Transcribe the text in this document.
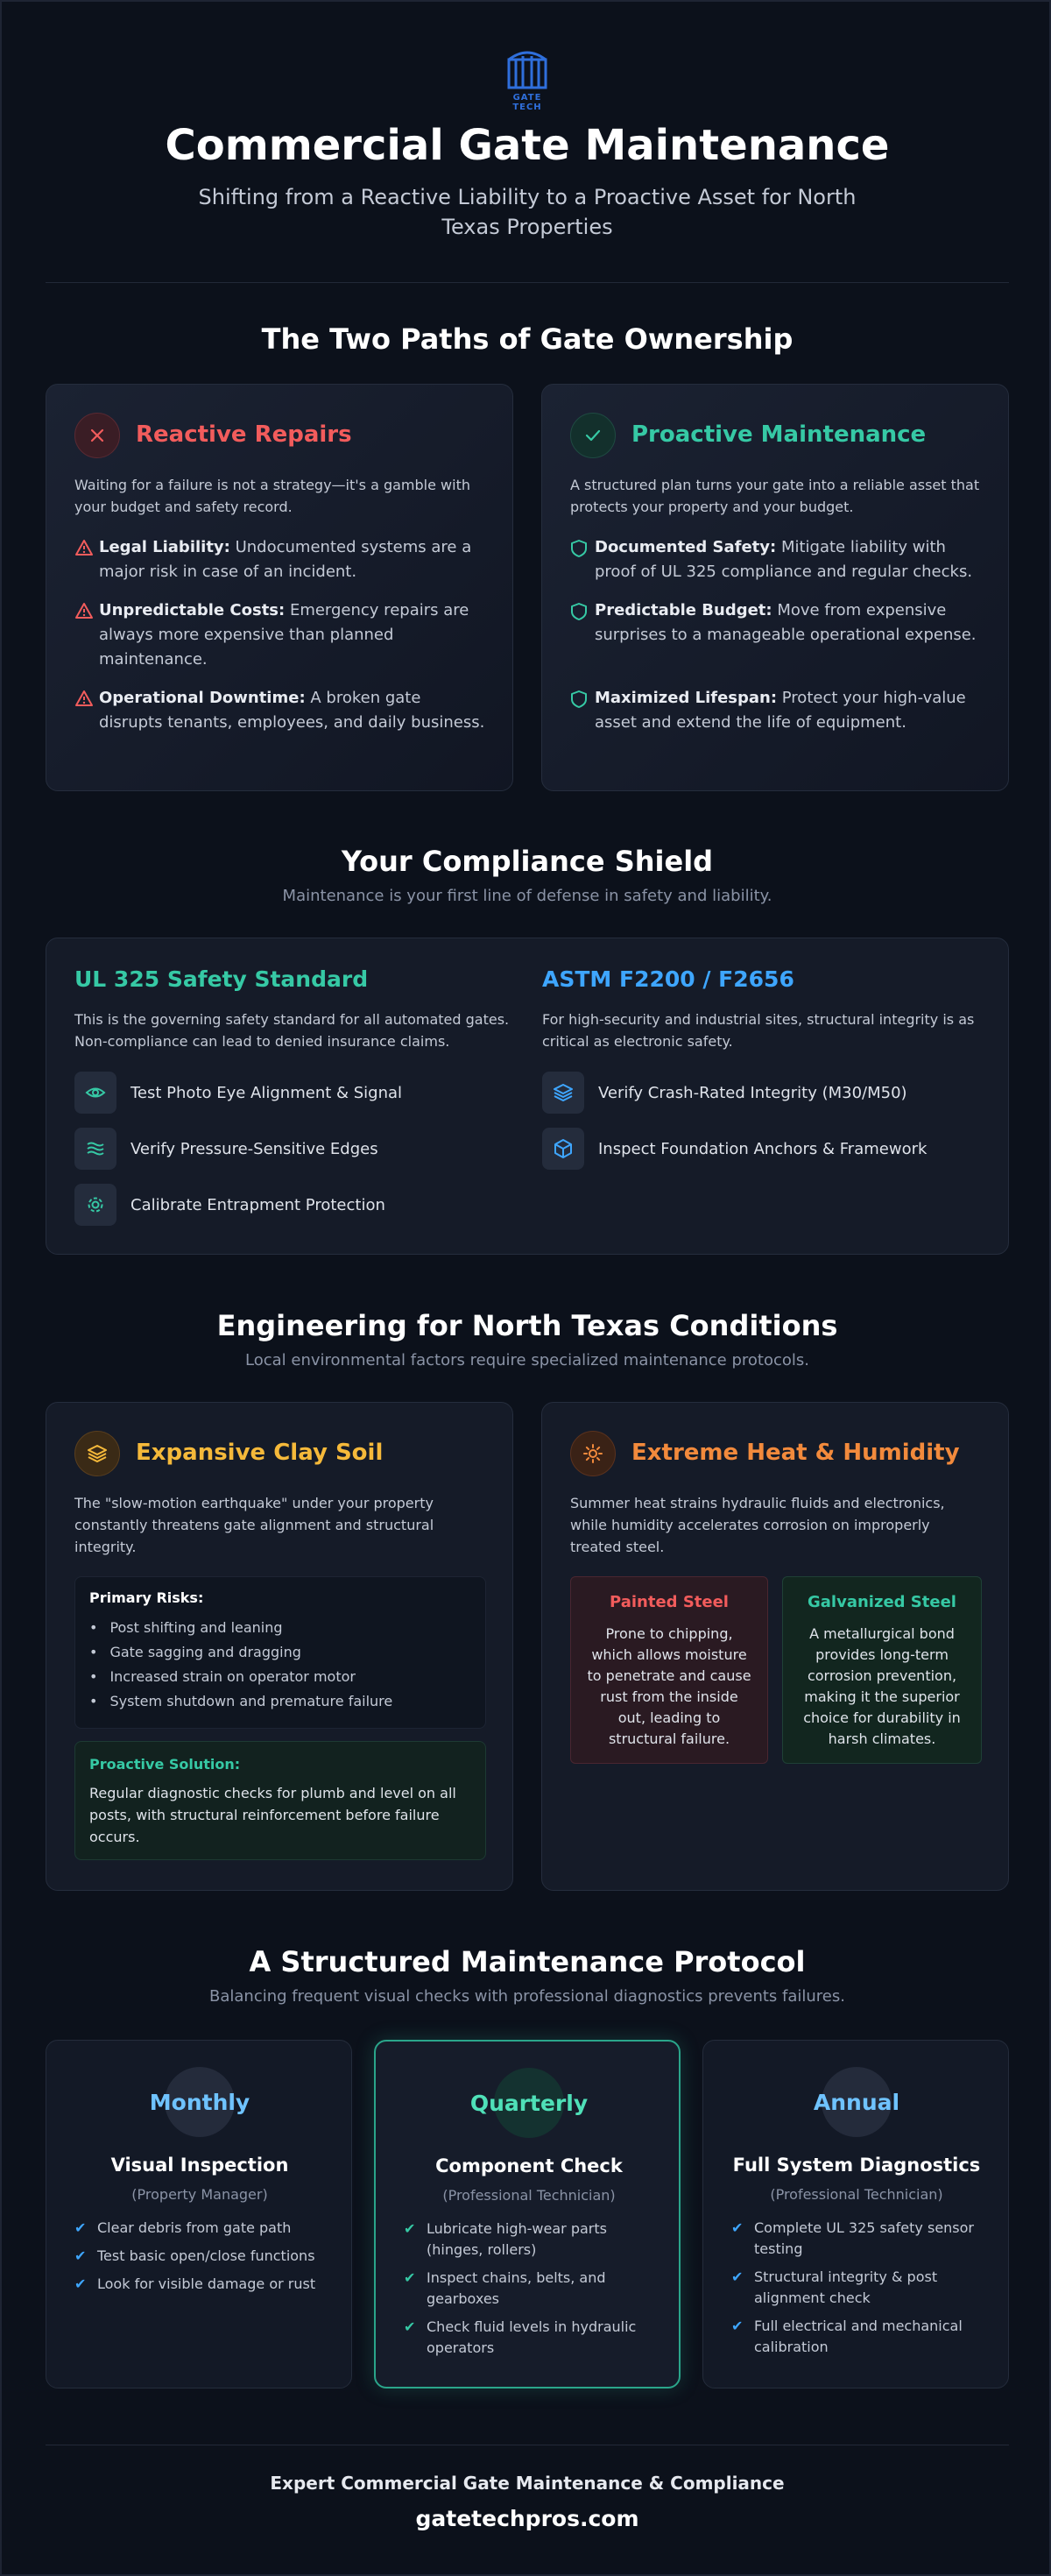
GATE TECH
Commercial Gate Maintenance
Shifting from a Reactive Liability to a Proactive Asset for North Texas Properties
The Two Paths of Gate Ownership
Reactive Repairs
Waiting for a failure is not a strategy—it's a gamble with your budget and safety record.
Legal Liability: Undocumented systems are a major risk in case of an incident.
Unpredictable Costs: Emergency repairs are always more expensive than planned maintenance.
Operational Downtime: A broken gate disrupts tenants, employees, and daily business.
Proactive Maintenance
A structured plan turns your gate into a reliable asset that protects your property and your budget.
Documented Safety: Mitigate liability with proof of UL 325 compliance and regular checks.
Predictable Budget: Move from expensive surprises to a manageable operational expense.
Maximized Lifespan: Protect your high-value asset and extend the life of equipment.
Your Compliance Shield
Maintenance is your first line of defense in safety and liability.
UL 325 Safety Standard
This is the governing safety standard for all automated gates. Non-compliance can lead to denied insurance claims.
Test Photo Eye Alignment & Signal
Verify Pressure-Sensitive Edges
Calibrate Entrapment Protection
ASTM F2200 / F2656
For high-security and industrial sites, structural integrity is as critical as electronic safety.
Verify Crash-Rated Integrity (M30/M50)
Inspect Foundation Anchors & Framework
Engineering for North Texas Conditions
Local environmental factors require specialized maintenance protocols.
Expansive Clay Soil
The "slow-motion earthquake" under your property constantly threatens gate alignment and structural integrity.
Primary Risks:
• Post shifting and leaning
• Gate sagging and dragging
• Increased strain on operator motor
• System shutdown and premature failure
Proactive Solution:

Regular diagnostic checks for plumb and level on all posts, with structural reinforcement before failure occurs.

Extreme Heat & Humidity
Summer heat strains hydraulic fluids and electronics, while humidity accelerates corrosion on improperly treated steel.
Painted Steel

Prone to chipping, which allows moisture to penetrate and cause rust from the inside out, leading to structural failure.

Galvanized Steel

A metallurgical bond provides long-term corrosion prevention, making it the superior choice for durability in harsh climates.

A Structured Maintenance Protocol
Balancing frequent visual checks with professional diagnostics prevents failures.
Monthly
Visual Inspection
(Property Manager)
✔ Clear debris from gate path
✔ Test basic open/close functions
✔ Look for visible damage or rust
Quarterly
Component Check
(Professional Technician)
✔ Lubricate high-wear parts (hinges, rollers)
✔ Inspect chains, belts, and gearboxes
✔ Check fluid levels in hydraulic operators
Annual
Full System Diagnostics
(Professional Technician)
✔ Complete UL 325 safety sensor testing
✔ Structural integrity & post alignment check
✔ Full electrical and mechanical calibration
Expert Commercial Gate Maintenance & Compliance
gatetechpros.com
